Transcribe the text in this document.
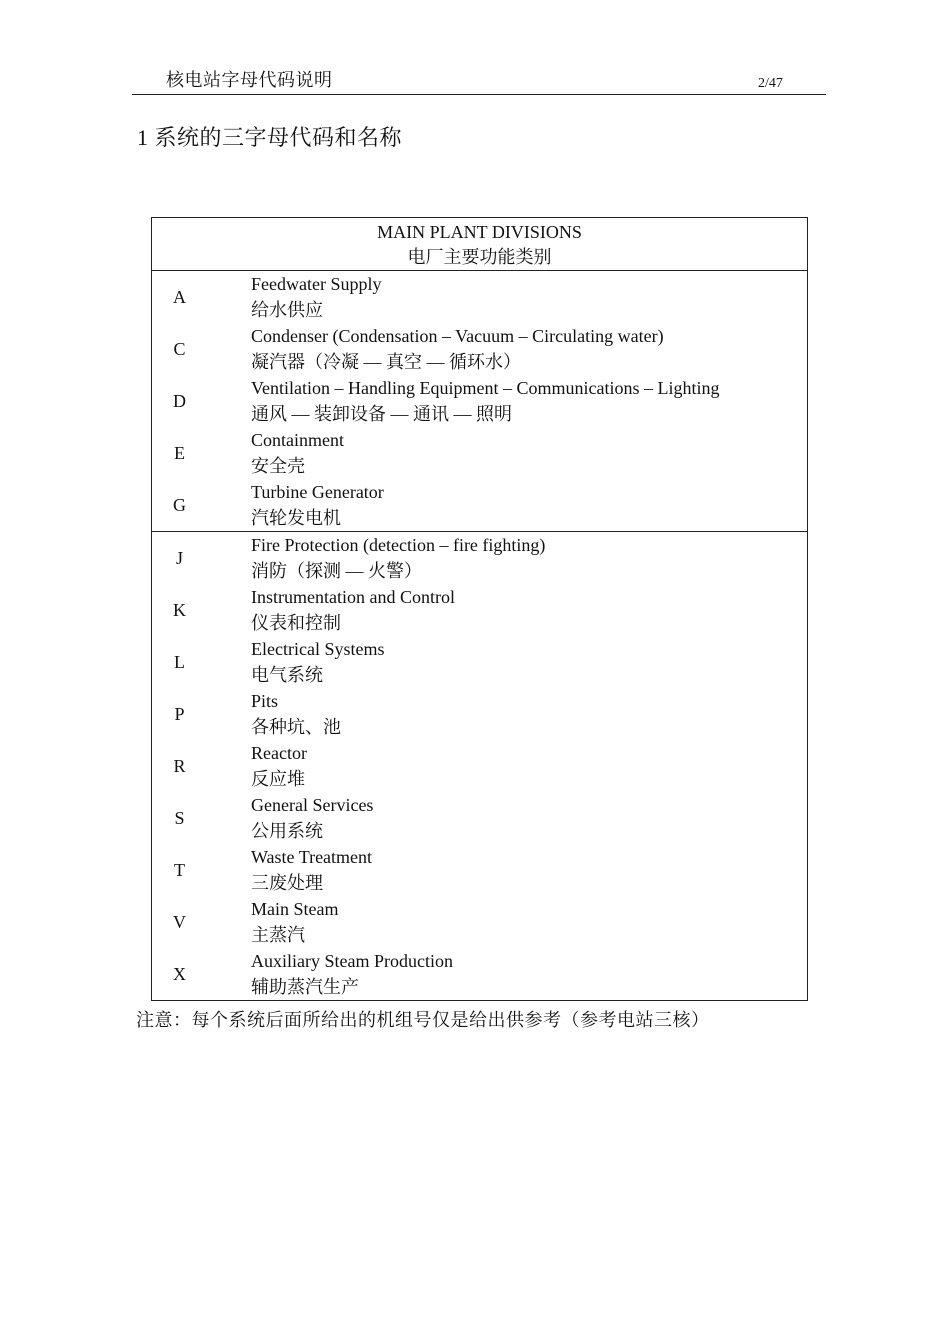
核电站字母代码说明	2/47
1 系统的三字母代码和名称
MAIN PLANT DIVISIONS
电厂主要功能类别
A
Feedwater Supply
给水供应
C
Condenser (Condensation – Vacuum – Circulating water)
凝汽器（冷凝 — 真空 — 循环水）
D
Ventilation – Handling Equipment – Communications – Lighting
通风 — 装卸设备 — 通讯 — 照明
E
Containment
安全壳
G
Turbine Generator
汽轮发电机
J
Fire Protection (detection – fire fighting)
消防（探测 — 火警）
K
Instrumentation and Control
仪表和控制
L
Electrical Systems
电气系统
P
Pits
各种坑、池
R
Reactor
反应堆
S
General Services
公用系统
T
Waste Treatment
三废处理
V
Main Steam
主蒸汽
X
Auxiliary Steam Production
辅助蒸汽生产
注意：每个系统后面所给出的机组号仅是给出供参考（参考电站三核）
